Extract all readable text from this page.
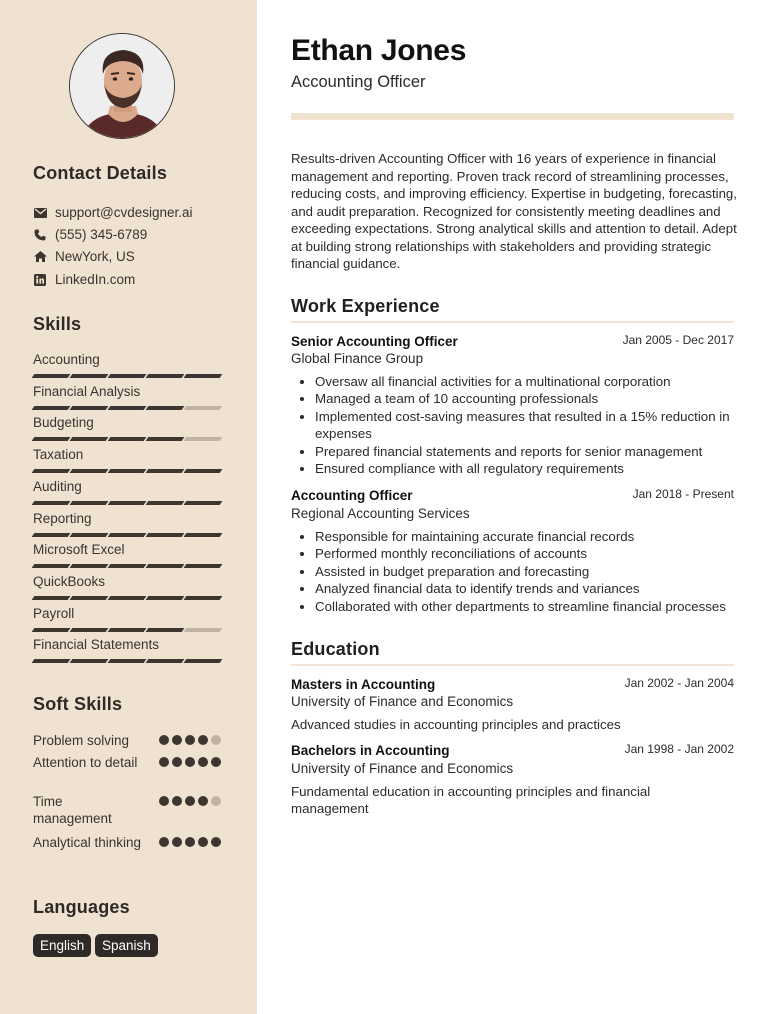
Contact Details
support@cvdesigner.ai
(555) 345-6789
NewYork, US
LinkedIn.com
Skills
Accounting
Financial Analysis
Budgeting
Taxation
Auditing
Reporting
Microsoft Excel
QuickBooks
Payroll
Financial Statements
Soft Skills
Problem solving
Attention to detail
Time management
Analytical thinking
Languages
English	Spanish
Ethan Jones
Accounting Officer
Results-driven Accounting Officer with 16 years of experience in financial management and reporting. Proven track record of streamlining processes, reducing costs, and improving efficiency. Expertise in budgeting, forecasting, and audit preparation. Recognized for consistently meeting deadlines and exceeding expectations. Strong analytical skills and attention to detail. Adept at building strong relationships with stakeholders and providing strategic financial guidance.
Work Experience
Senior Accounting Officer	Jan 2005 - Dec 2017
Global Finance Group
Oversaw all financial activities for a multinational corporation
Managed a team of 10 accounting professionals
Implemented cost-saving measures that resulted in a 15% reduction in expenses
Prepared financial statements and reports for senior management
Ensured compliance with all regulatory requirements
Accounting Officer	Jan 2018 - Present
Regional Accounting Services
Responsible for maintaining accurate financial records
Performed monthly reconciliations of accounts
Assisted in budget preparation and forecasting
Analyzed financial data to identify trends and variances
Collaborated with other departments to streamline financial processes
Education
Masters in Accounting	Jan 2002 - Jan 2004
University of Finance and Economics
Advanced studies in accounting principles and practices
Bachelors in Accounting	Jan 1998 - Jan 2002
University of Finance and Economics
Fundamental education in accounting principles and financial management
